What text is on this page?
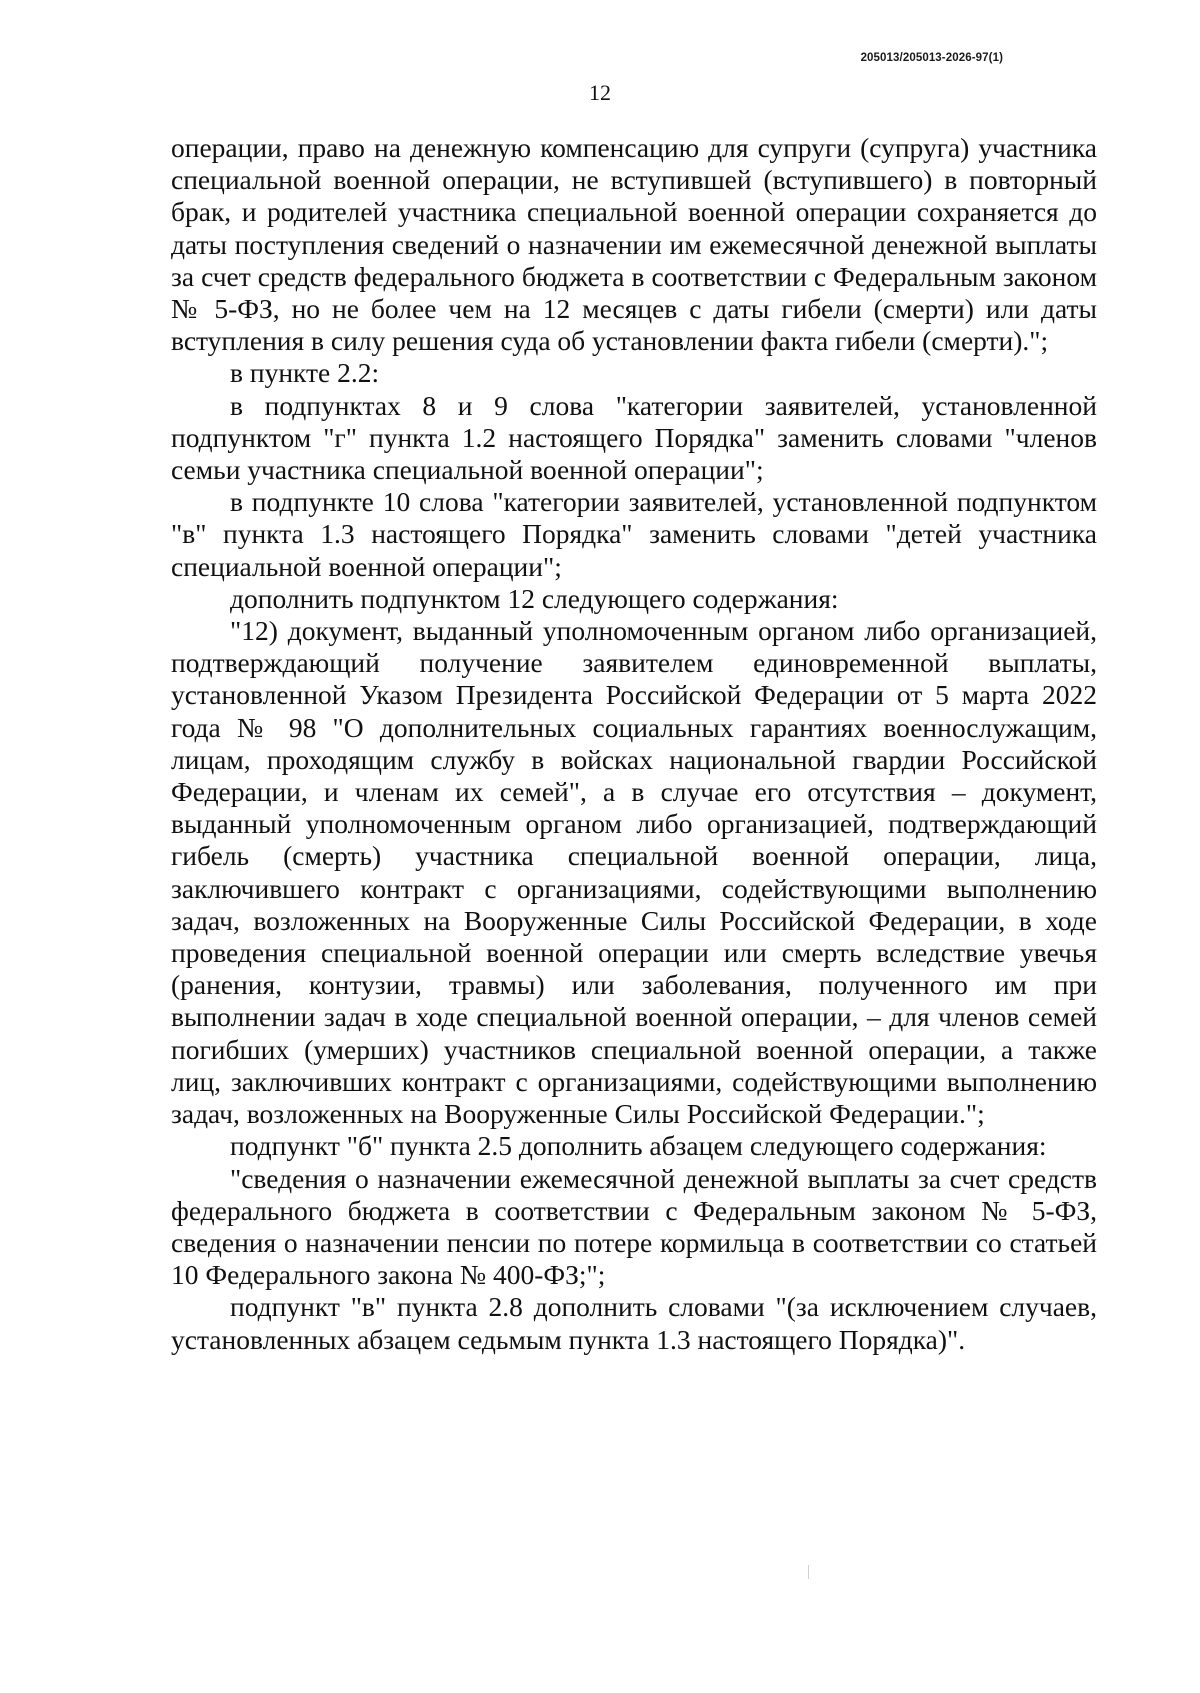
205013/205013-2026-97(1)
12

операции, право на денежную компенсацию для супруги (супруга) участника специальной военной операции, не вступившей (вступившего) в повторный брак, и родителей участника специальной военной операции сохраняется до даты поступления сведений о назначении им ежемесячной денежной выплаты за счет средств федерального бюджета в соответствии с Федеральным законом № 5-ФЗ, но не более чем на 12 месяцев с даты гибели (смерти) или даты вступления в силу решения суда об установлении факта гибели (смерти).";

в пункте 2.2:

в подпунктах 8 и 9 слова "категории заявителей, установленной подпунктом "г" пункта 1.2 настоящего Порядка" заменить словами "членов семьи участника специальной военной операции";

в подпункте 10 слова "категории заявителей, установленной подпунктом "в" пункта 1.3 настоящего Порядка" заменить словами "детей участника специальной военной операции";

дополнить подпунктом 12 следующего содержания:

"12) документ, выданный уполномоченным органом либо организацией, подтверждающий получение заявителем единовременной выплаты, установленной Указом Президента Российской Федерации от 5 марта 2022 года № 98 "О дополнительных социальных гарантиях военнослужащим, лицам, проходящим службу в войсках национальной гвардии Российской Федерации, и членам их семей", а в случае его отсутствия – документ, выданный уполномоченным органом либо организацией, подтверждающий гибель (смерть) участника специальной военной операции, лица, заключившего контракт с организациями, содействующими выполнению задач, возложенных на Вооруженные Силы Российской Федерации, в ходе проведения специальной военной операции или смерть вследствие увечья (ранения, контузии, травмы) или заболевания, полученного им при выполнении задач в ходе специальной военной операции, – для членов семей погибших (умерших) участников специальной военной операции, а также лиц, заключивших контракт с организациями, содействующими выполнению задач, возложенных на Вооруженные Силы Российской Федерации.";

подпункт "б" пункта 2.5 дополнить абзацем следующего содержания:

"сведения о назначении ежемесячной денежной выплаты за счет средств федерального бюджета в соответствии с Федеральным законом № 5-ФЗ, сведения о назначении пенсии по потере кормильца в соответствии со статьей 10 Федерального закона № 400-ФЗ;";

подпункт "в" пункта 2.8 дополнить словами "(за исключением случаев, установленных абзацем седьмым пункта 1.3 настоящего Порядка)".
